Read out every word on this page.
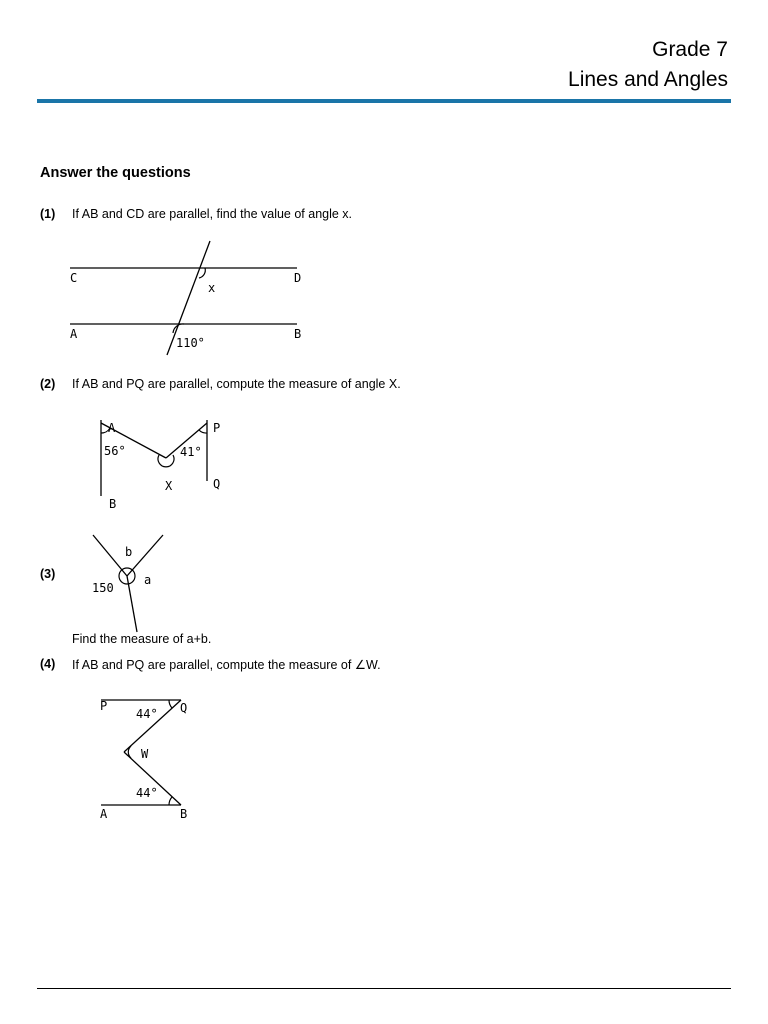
Grade 7
Lines and Angles
Answer the questions
(1) If AB and CD are parallel, find the value of angle x.
C	D
A	B
x
110°
(2) If AB and PQ are parallel, compute the measure of angle X.
A
56°
P
41°
X	Q
B
(3)
b
a
150
Find the measure of a+b.
(4) If AB and PQ are parallel, compute the measure of ∠W.
P
44° Q
W
44°
A	B
